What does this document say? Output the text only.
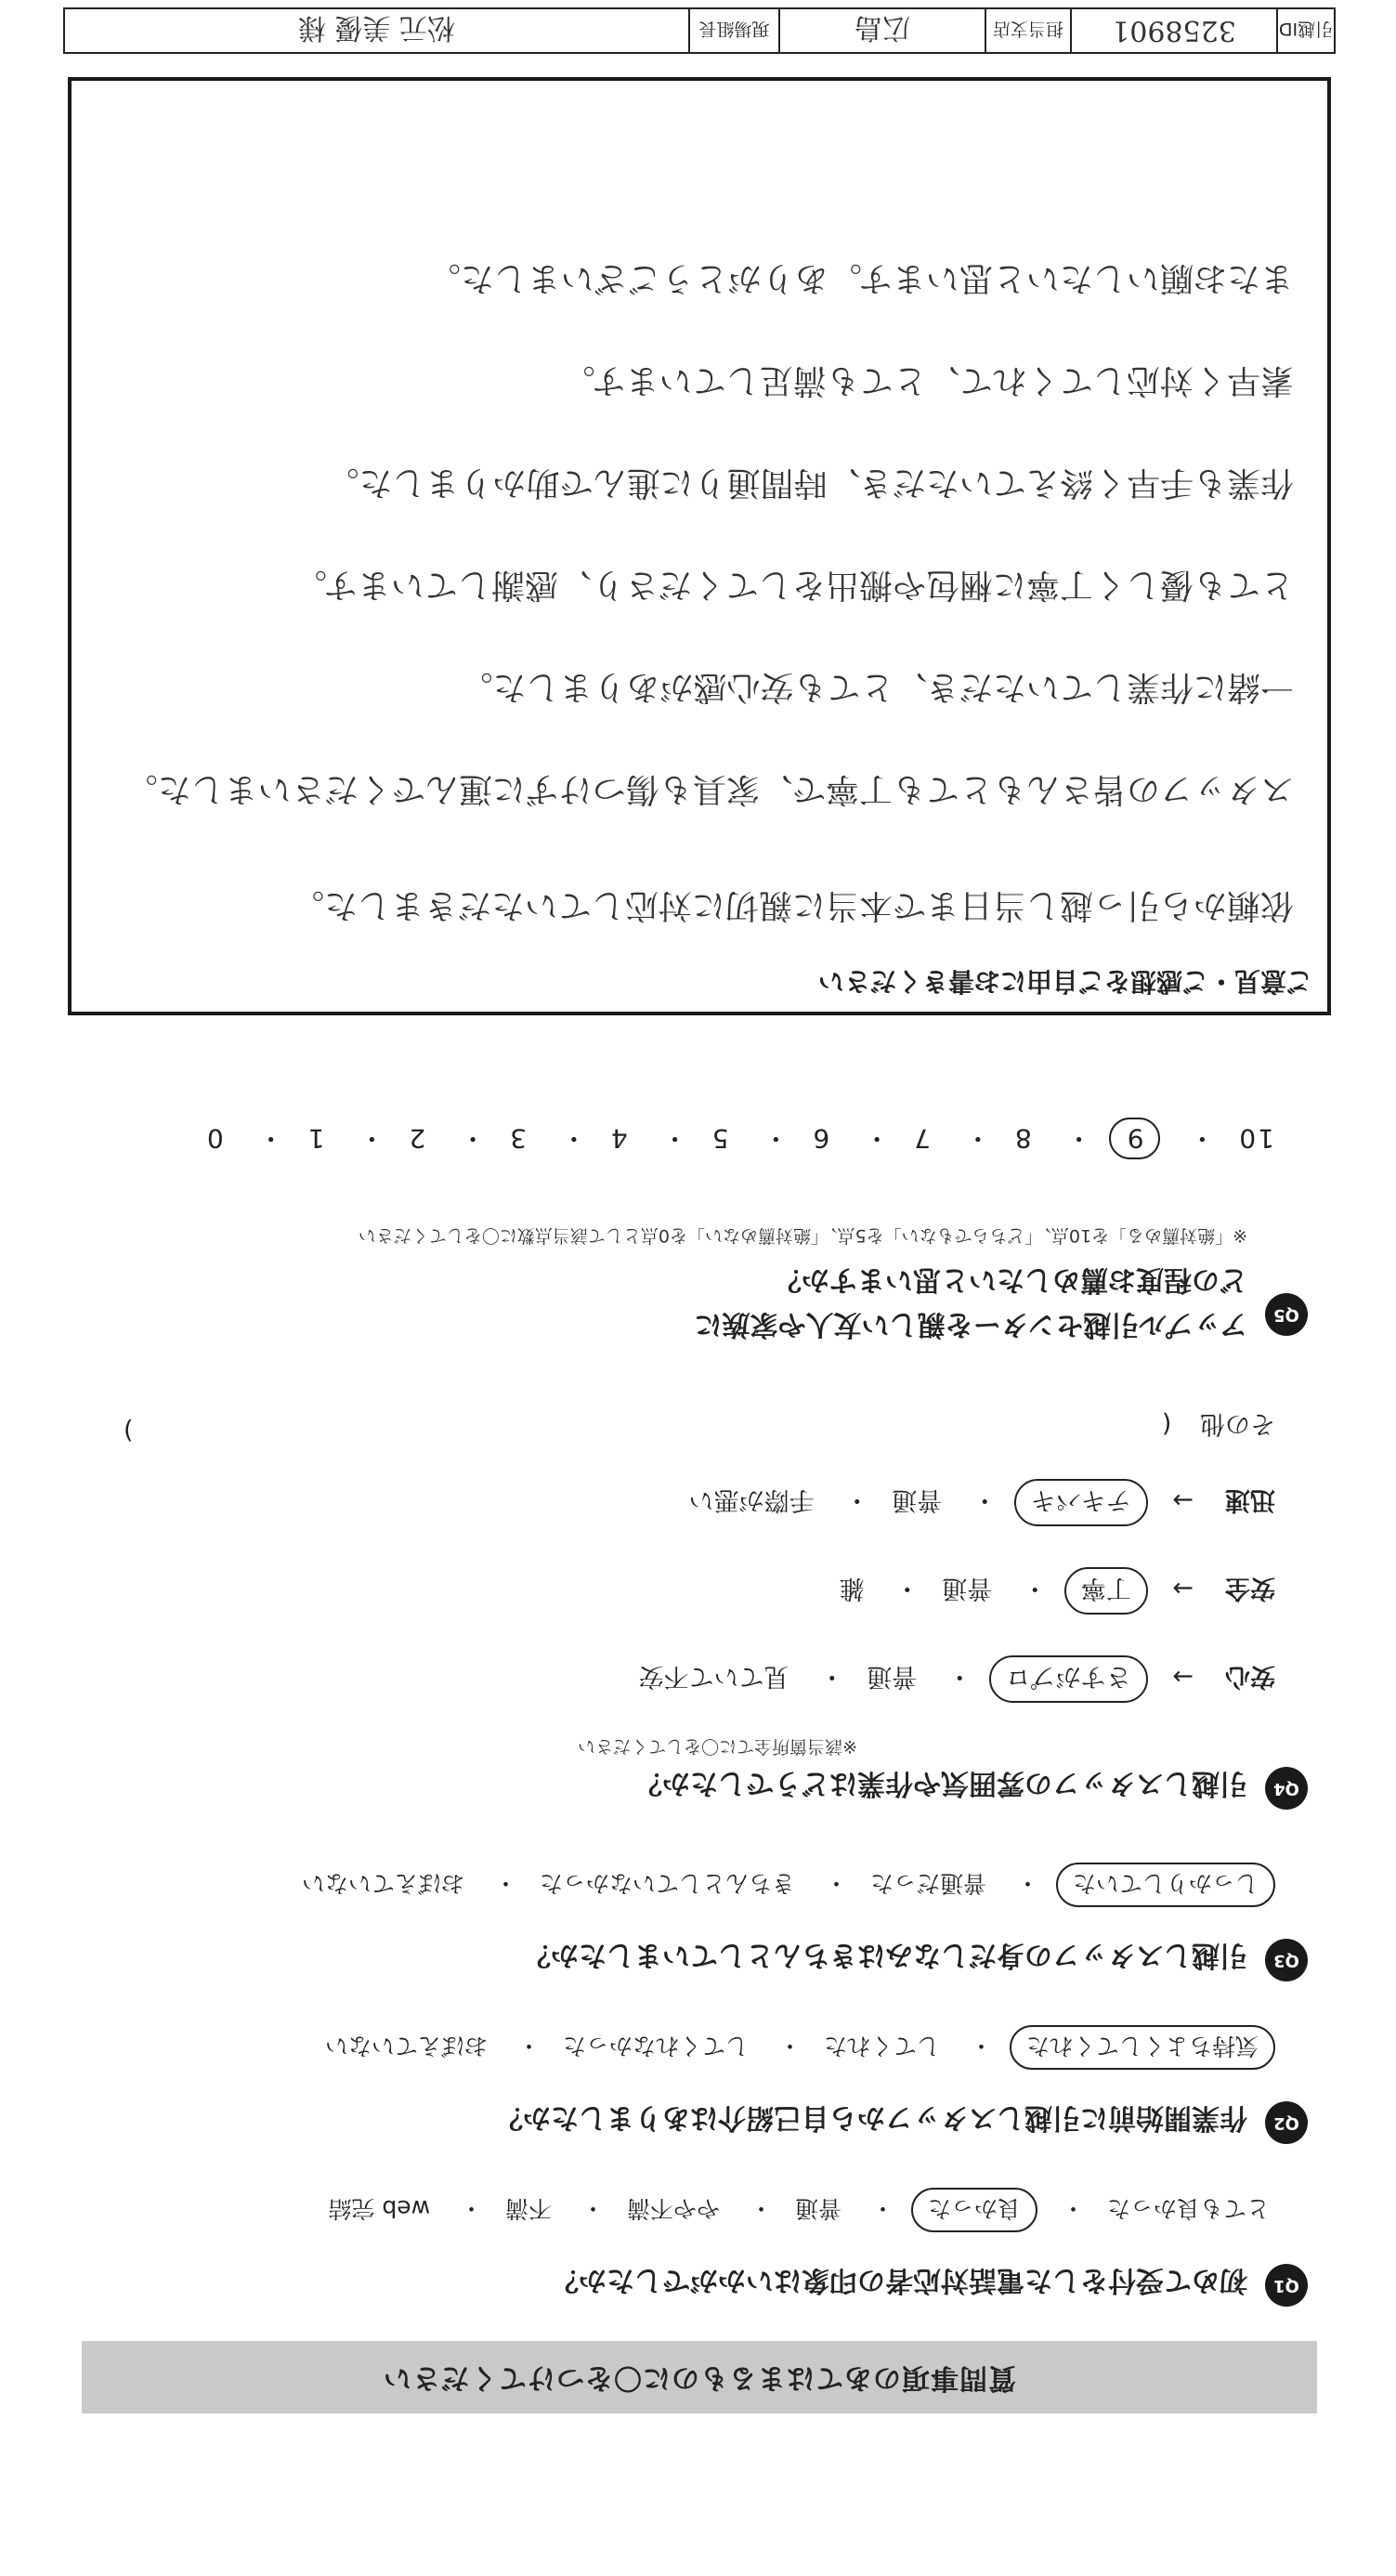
質問事項のあてはまるものに〇をつけてください
Q1
初めて受付をした電話対応者の印象はいかがでしたか？
とても良かった・ 良かった・ 普通・ やや不満・ 不満・ web 完結
Q2
作業開始前に引越しスタッフから自己紹介はありましたか？
気持ちよくしてくれた・ してくれた・ してくれなかった・ おぼえていない
Q3
引越しスタッフの身だしなみはきちんとしていましたか？
しっかりしていた・ 普通だった・ きちんとしていなかった・ おぼえていない
Q4
引越しスタッフの雰囲気や作業はどうでしたか？
※該当箇所全てに〇をしてください
安心→ さすがプロ・ 普通・ 見ていて不安
安全→ 丁寧・ 普通・ 雑
迅速→ テキパキ・ 普通・ 手際が悪い
その他 (
)
Q5
アップル引越センターを親しい友人や家族に
どの程度お薦めしたいと思いますか？
※「絶対薦める」を10点、「どちらでもない」を5点、「絶対薦めない」を0点として該当点数に〇をしてください
10・ 9・ 8・ 7・ 6・ 5・ 4・ 3・ 2・ 1・ 0
ご意見・ご感想をご自由にお書きください
依頼から引っ越し当日まで本当に親切に対応していただきました。
スタッフの皆さんもとても丁寧で、家具も傷つけずに運んでくださいました。
一緒に作業していただき、とても安心感がありました。
とても優しく丁寧に梱包や搬出をしてくださり、感謝しています。
作業も手早く終えていただき、時間通りに進んで助かりました。
素早く対応してくれて、とても満足しています。
またお願いしたいと思います。ありがとうございました。
引越ID
3258901
担当支店
広島
現場組長
松元 美優 様
